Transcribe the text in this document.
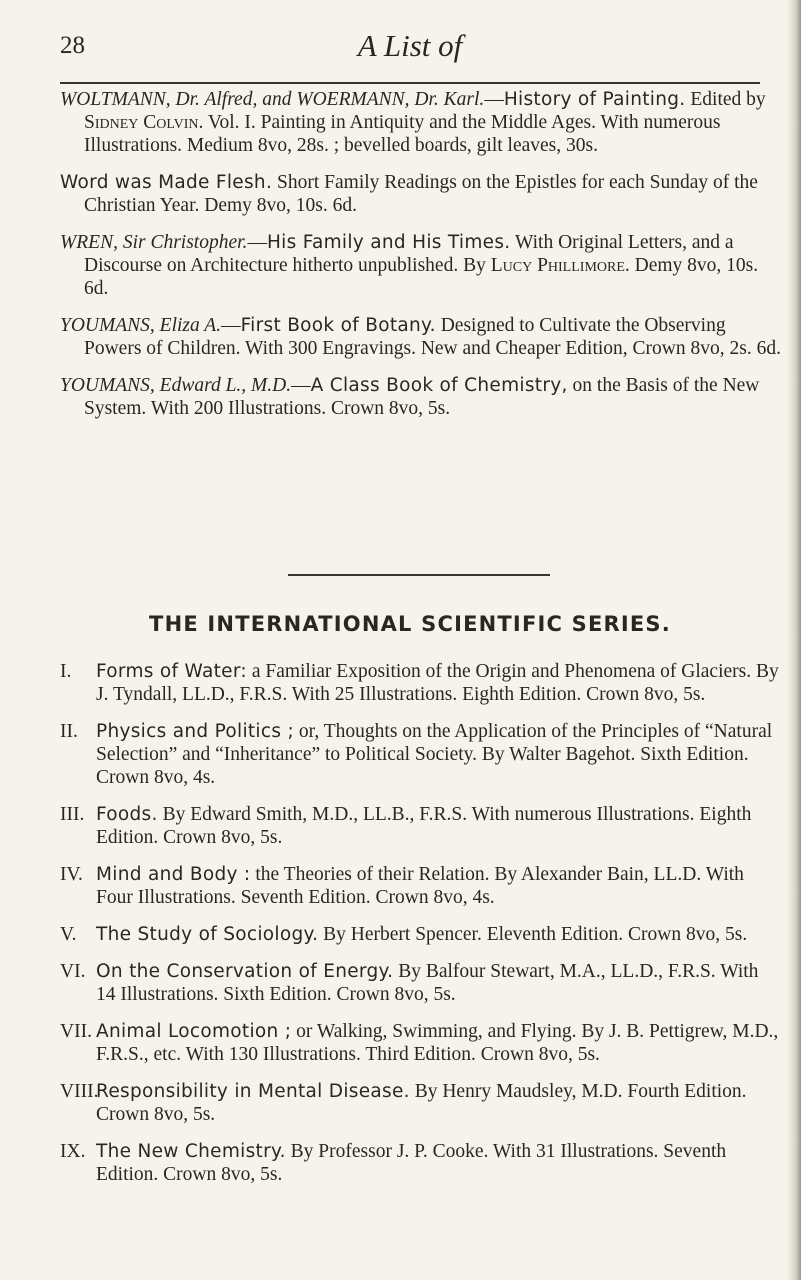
28	A List of
WOLTMANN, Dr. Alfred, and WOERMANN, Dr. Karl.—History of Painting. Edited by Sidney Colvin. Vol. I. Painting in Antiquity and the Middle Ages. With numerous Illustrations. Medium 8vo, 28s. ; bevelled boards, gilt leaves, 30s.
Word was Made Flesh. Short Family Readings on the Epistles for each Sunday of the Christian Year. Demy 8vo, 10s. 6d.
WREN, Sir Christopher.—His Family and His Times. With Original Letters, and a Discourse on Architecture hitherto unpublished. By Lucy Phillimore. Demy 8vo, 10s. 6d.
YOUMANS, Eliza A.—First Book of Botany. Designed to Cultivate the Observing Powers of Children. With 300 Engravings. New and Cheaper Edition, Crown 8vo, 2s. 6d.
YOUMANS, Edward L., M.D.—A Class Book of Chemistry, on the Basis of the New System. With 200 Illustrations. Crown 8vo, 5s.
THE INTERNATIONAL SCIENTIFIC SERIES.
I. Forms of Water: a Familiar Exposition of the Origin and Phenomena of Glaciers. By J. Tyndall, LL.D., F.R.S. With 25 Illustrations. Eighth Edition. Crown 8vo, 5s.
II. Physics and Politics ; or, Thoughts on the Application of the Principles of “Natural Selection” and “Inheritance” to Political Society. By Walter Bagehot. Sixth Edition. Crown 8vo, 4s.
III. Foods. By Edward Smith, M.D., LL.B., F.R.S. With numerous Illustrations. Eighth Edition. Crown 8vo, 5s.
IV. Mind and Body : the Theories of their Relation. By Alexander Bain, LL.D. With Four Illustrations. Seventh Edition. Crown 8vo, 4s.
V. The Study of Sociology. By Herbert Spencer. Eleventh Edition. Crown 8vo, 5s.
VI. On the Conservation of Energy. By Balfour Stewart, M.A., LL.D., F.R.S. With 14 Illustrations. Sixth Edition. Crown 8vo, 5s.
VII. Animal Locomotion ; or Walking, Swimming, and Flying. By J. B. Pettigrew, M.D., F.R.S., etc. With 130 Illustrations. Third Edition. Crown 8vo, 5s.
VIII.Responsibility in Mental Disease. By Henry Maudsley, M.D. Fourth Edition. Crown 8vo, 5s.
IX. The New Chemistry. By Professor J. P. Cooke. With 31 Illustrations. Seventh Edition. Crown 8vo, 5s.
